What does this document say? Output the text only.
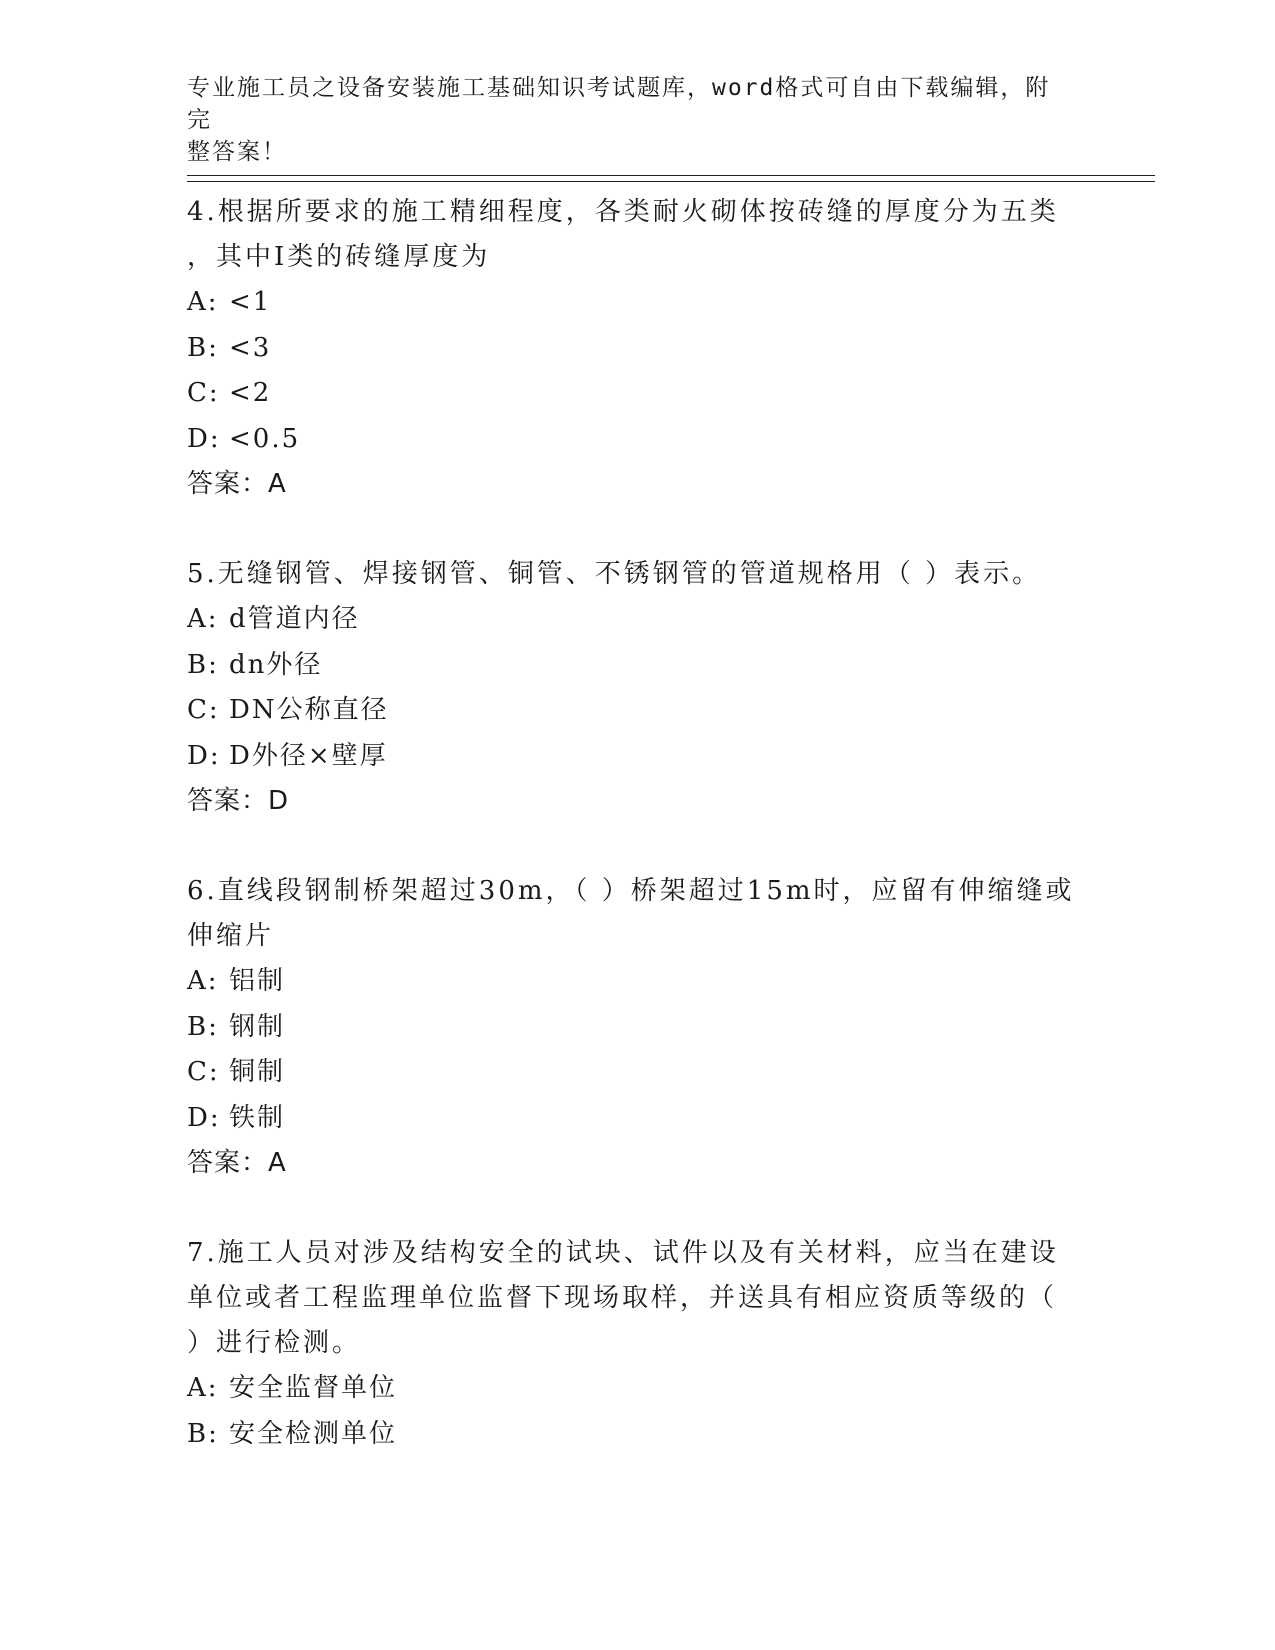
专业施工员之设备安装施工基础知识考试题库，word格式可自由下载编辑，附完
整答案！

4.根据所要求的施工精细程度，各类耐火砌体按砖缝的厚度分为五类

，其中Ⅰ类的砖缝厚度为

A: <1

B: <3

C: <2

D: <0.5

答案：A

5.无缝钢管、焊接钢管、铜管、不锈钢管的管道规格用（ ）表示。

A: d管道内径

B: dn外径

C: DN公称直径

D: D外径×壁厚

答案：D

6.直线段钢制桥架超过30m，（ ）桥架超过15m时，应留有伸缩缝或

伸缩片

A: 铝制

B: 钢制

C: 铜制

D: 铁制

答案：A

7.施工人员对涉及结构安全的试块、试件以及有关材料，应当在建设

单位或者工程监理单位监督下现场取样，并送具有相应资质等级的（

）进行检测。

A: 安全监督单位

B: 安全检测单位
